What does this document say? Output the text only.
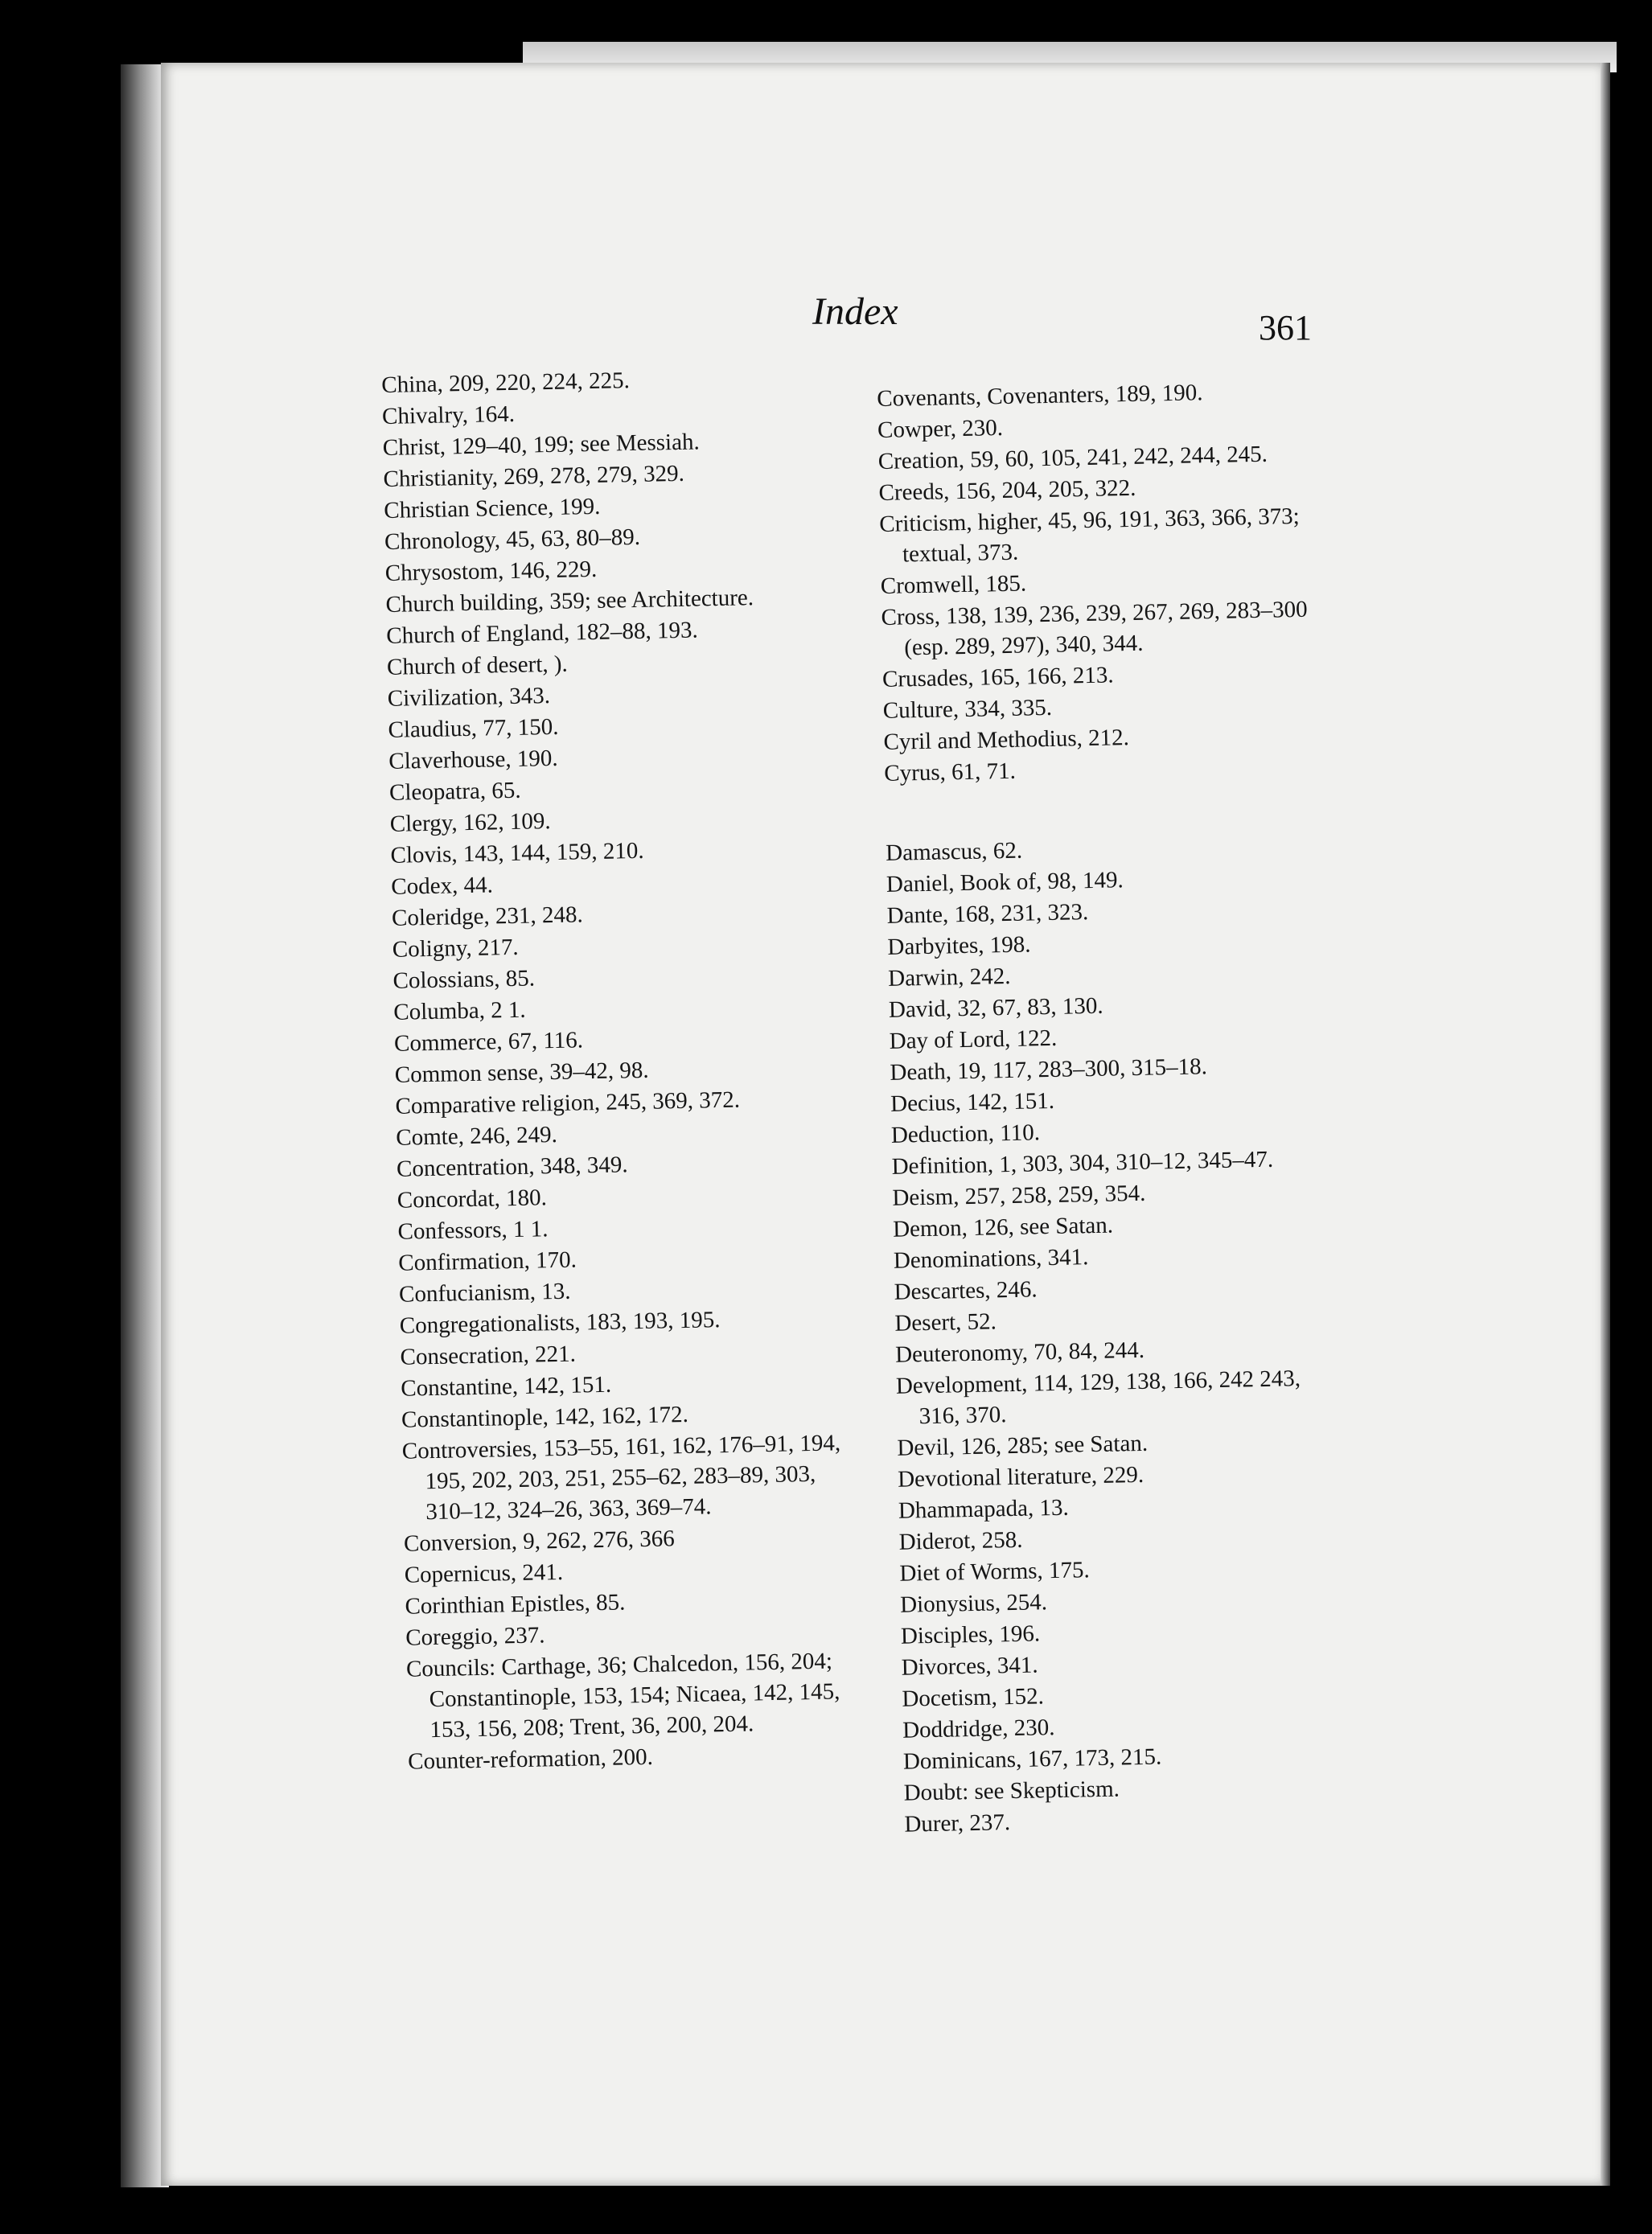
Index	361
China, 209, 220, 224, 225.
Chivalry, 164.
Christ, 129–40, 199; see Messiah.
Christianity, 269, 278, 279, 329.
Christian Science, 199.
Chronology, 45, 63, 80–89.
Chrysostom, 146, 229.
Church building, 359; see Architecture.
Church of England, 182–88, 193.
Church of desert, ).
Civilization, 343.
Claudius, 77, 150.
Claverhouse, 190.
Cleopatra, 65.
Clergy, 162, 109.
Clovis, 143, 144, 159, 210.
Codex, 44.
Coleridge, 231, 248.
Coligny, 217.
Colossians, 85.
Columba, 2 1.
Commerce, 67, 116.
Common sense, 39–42, 98.
Comparative religion, 245, 369, 372.
Comte, 246, 249.
Concentration, 348, 349.
Concordat, 180.
Confessors, 1 1.
Confirmation, 170.
Confucianism, 13.
Congregationalists, 183, 193, 195.
Consecration, 221.
Constantine, 142, 151.
Constantinople, 142, 162, 172.
Controversies, 153–55, 161, 162, 176–91, 194, 195, 202, 203, 251, 255–62, 283–89, 303, 310–12, 324–26, 363, 369–74.
Conversion, 9, 262, 276, 366
Copernicus, 241.
Corinthian Epistles, 85.
Coreggio, 237.
Councils: Carthage, 36; Chalcedon, 156, 204; Constantinople, 153, 154; Nicaea, 142, 145, 153, 156, 208; Trent, 36, 200, 204.
Counter-reformation, 200.
Covenants, Covenanters, 189, 190.
Cowper, 230.
Creation, 59, 60, 105, 241, 242, 244, 245.
Creeds, 156, 204, 205, 322.
Criticism, higher, 45, 96, 191, 363, 366, 373; textual, 373.
Cromwell, 185.
Cross, 138, 139, 236, 239, 267, 269, 283–300 (esp. 289, 297), 340, 344.
Crusades, 165, 166, 213.
Culture, 334, 335.
Cyril and Methodius, 212.
Cyrus, 61, 71.
Damascus, 62.
Daniel, Book of, 98, 149.
Dante, 168, 231, 323.
Darbyites, 198.
Darwin, 242.
David, 32, 67, 83, 130.
Day of Lord, 122.
Death, 19, 117, 283–300, 315–18.
Decius, 142, 151.
Deduction, 110.
Definition, 1, 303, 304, 310–12, 345–47.
Deism, 257, 258, 259, 354.
Demon, 126, see Satan.
Denominations, 341.
Descartes, 246.
Desert, 52.
Deuteronomy, 70, 84, 244.
Development, 114, 129, 138, 166, 242 243, 316, 370.
Devil, 126, 285; see Satan.
Devotional literature, 229.
Dhammapada, 13.
Diderot, 258.
Diet of Worms, 175.
Dionysius, 254.
Disciples, 196.
Divorces, 341.
Docetism, 152.
Doddridge, 230.
Dominicans, 167, 173, 215.
Doubt: see Skepticism.
Durer, 237.
